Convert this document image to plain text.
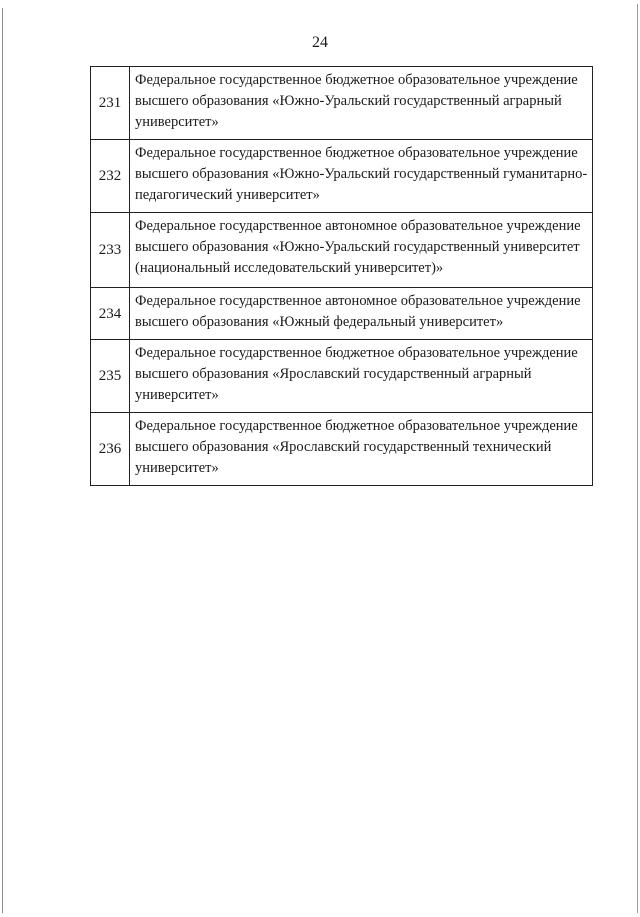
24
231	Федеральное государственное бюджетное образовательное учреждение высшего образования «Южно-Уральский государственный аграрный университет»
232	Федеральное государственное бюджетное образовательное учреждение высшего образования «Южно-Уральский государственный гуманитарно-педагогический университет»
233	Федеральное государственное автономное образовательное учреждение высшего образования «Южно-Уральский государственный университет (национальный исследовательский университет)»
234	Федеральное государственное автономное образовательное учреждение высшего образования «Южный федеральный университет»
235	Федеральное государственное бюджетное образовательное учреждение высшего образования «Ярославский государственный аграрный университет»
236	Федеральное государственное бюджетное образовательное учреждение высшего образования «Ярославский государственный технический университет»
